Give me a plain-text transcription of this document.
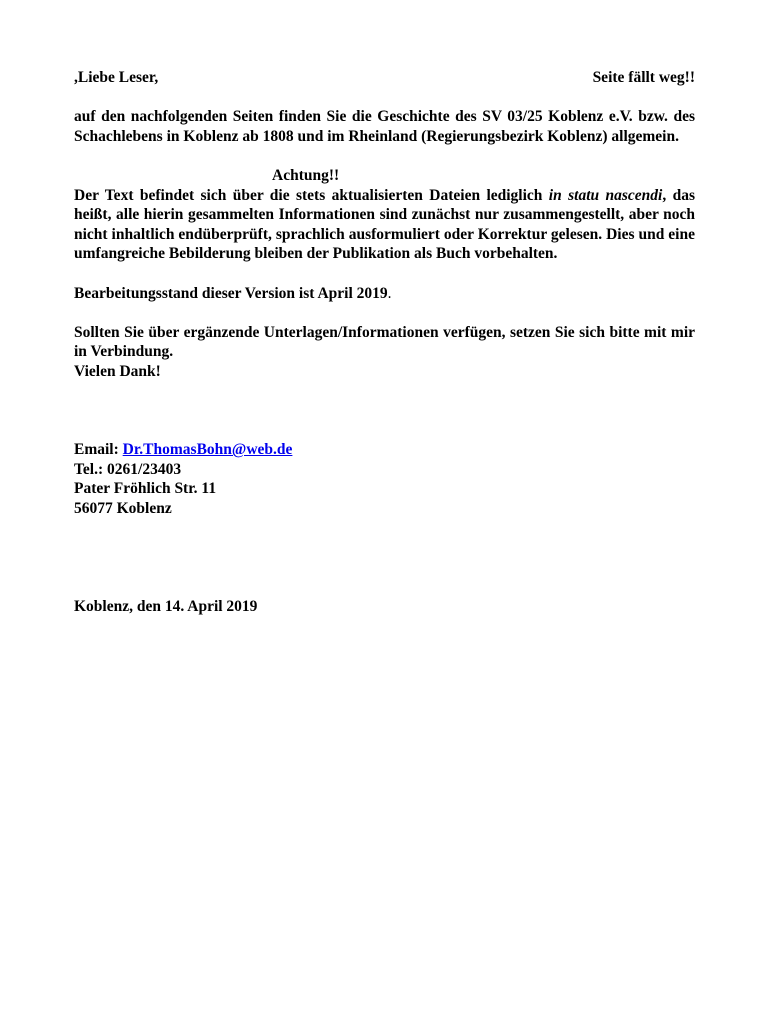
,Liebe Leser,	Seite fällt weg!!

auf den nachfolgenden Seiten finden Sie die Geschichte des SV 03/25 Koblenz e.V. bzw. des Schachlebens in Koblenz ab 1808 und im Rheinland (Regierungsbezirk Koblenz) allgemein.

Achtung!!

Der Text befindet sich über die stets aktualisierten Dateien lediglich in statu nascendi, das heißt, alle hierin gesammelten Informationen sind zunächst nur zusammengestellt, aber noch nicht inhaltlich endüberprüft, sprachlich ausformuliert oder Korrektur gelesen. Dies und eine umfangreiche Bebilderung bleiben der Publikation als Buch vorbehalten.

Bearbeitungsstand dieser Version ist April 2019.

Sollten Sie über ergänzende Unterlagen/Informationen verfügen, setzen Sie sich bitte mit mir in Verbindung.

Vielen Dank!

Email: Dr.ThomasBohn@web.de
Tel.: 0261/23403
Pater Fröhlich Str. 11
56077 Koblenz
Koblenz, den 14. April 2019
